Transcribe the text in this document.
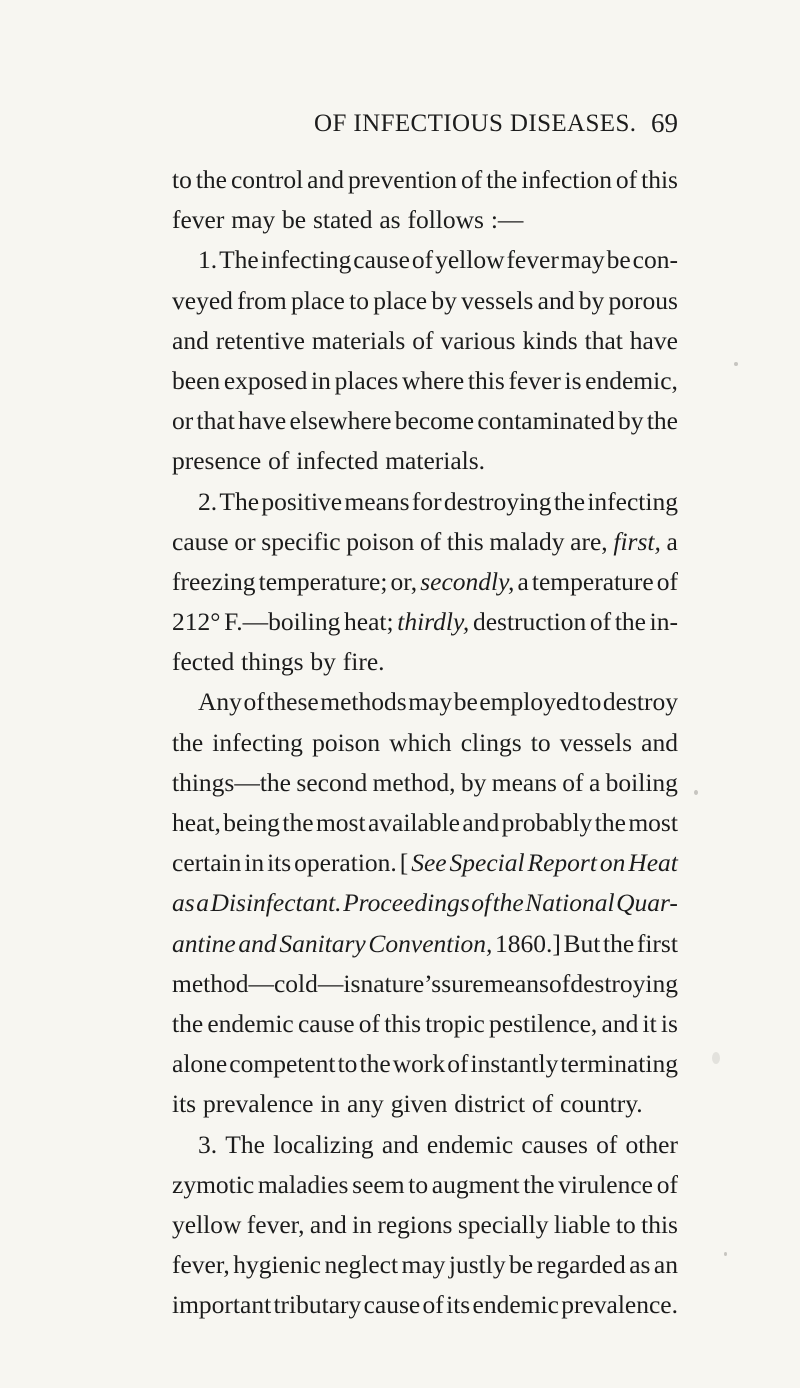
OF INFECTIOUS DISEASES. 69
to the control and prevention of the infection of this
fever may be stated as follows :—
1. The infecting cause of yellow fever may be con-
veyed from place to place by vessels and by porous
and retentive materials of various kinds that have
been exposed in places where this fever is endemic,
or that have elsewhere become contaminated by the
presence of infected materials.
2. The positive means for destroying the infecting
cause or specific poison of this malady are, first, a
freezing temperature; or, secondly, a temperature of
212° F.—boiling heat; thirdly, destruction of the in-
fected things by fire.
Any of these methods may be employed to destroy
the infecting poison which clings to vessels and
things—the second method, by means of a boiling
heat, being the most available and probably the most
certain in its operation. [ See Special Report on Heat
as a Disinfectant. Proceedings of the National Quar-
antine and Sanitary Convention, 1860.] But the first
method—cold—is nature’s sure means of destroying
the endemic cause of this tropic pestilence, and it is
alone competent to the work of instantly terminating
its prevalence in any given district of country.
3. The localizing and endemic causes of other
zymotic maladies seem to augment the virulence of
yellow fever, and in regions specially liable to this
fever, hygienic neglect may justly be regarded as an
important tributary cause of its endemic prevalence.
